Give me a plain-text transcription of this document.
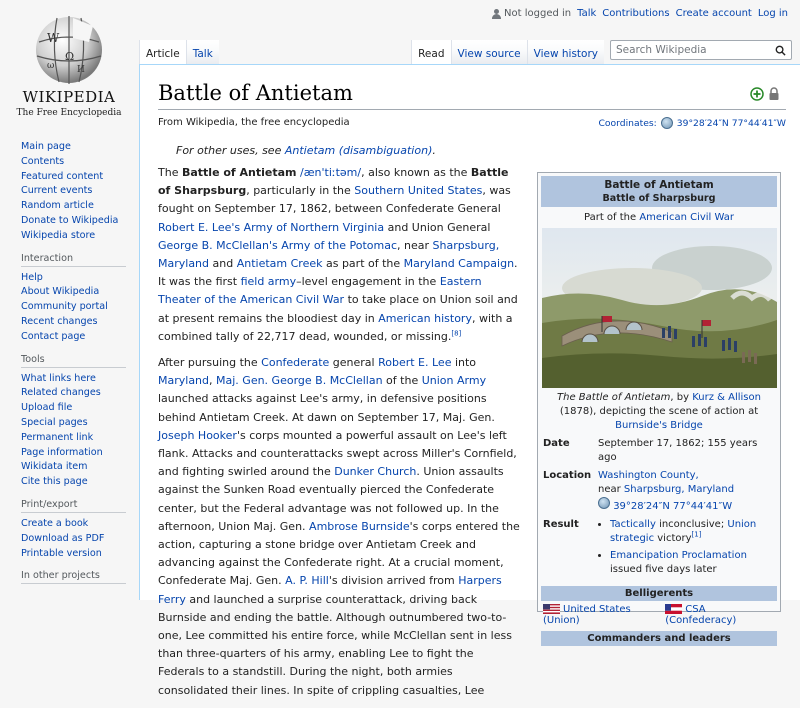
Not logged in Talk Contributions Create account Log in
W
Ω
И
ω
WIKIPEDIA
The Free Encyclopedia
Main page
Contents
Featured content
Current events
Random article
Donate to Wikipedia
Wikipedia store
Interaction
Help
About Wikipedia
Community portal
Recent changes
Contact page
Tools
What links here
Related changes
Upload file
Special pages
Permanent link
Page information
Wikidata item
Cite this page
Print/export
Create a book
Download as PDF
Printable version
In other projects
Article	Talk	Read	View source	View history
Search Wikipedia
Battle of Antietam
From Wikipedia, the free encyclopedia	Coordinates: 39°28′24″N 77°44′41″W
For other uses, see Antietam (disambiguation).

The Battle of Antietam /æn'tiːtəm/, also known as the Battle of Sharpsburg, particularly in the Southern United States, was fought on September 17, 1862, between Confederate General Robert E. Lee's Army of Northern Virginia and Union General George B. McClellan's Army of the Potomac, near Sharpsburg, Maryland and Antietam Creek as part of the Maryland Campaign. It was the first field army–level engagement in the Eastern Theater of the American Civil War to take place on Union soil and at present remains the bloodiest day in American history, with a combined tally of 22,717 dead, wounded, or missing.[8]

After pursuing the Confederate general Robert E. Lee into Maryland, Maj. Gen. George B. McClellan of the Union Army launched attacks against Lee's army, in defensive positions behind Antietam Creek. At dawn on September 17, Maj. Gen. Joseph Hooker's corps mounted a powerful assault on Lee's left flank. Attacks and counterattacks swept across Miller's Cornfield, and fighting swirled around the Dunker Church. Union assaults against the Sunken Road eventually pierced the Confederate center, but the Federal advantage was not followed up. In the afternoon, Union Maj. Gen. Ambrose Burnside's corps entered the action, capturing a stone bridge over Antietam Creek and advancing against the Confederate right. At a crucial moment, Confederate Maj. Gen. A. P. Hill's division arrived from Harpers Ferry and launched a surprise counterattack, driving back Burnside and ending the battle. Although outnumbered two-to-one, Lee committed his entire force, while McClellan sent in less than three-quarters of his army, enabling Lee to fight the Federals to a standstill. During the night, both armies consolidated their lines. In spite of crippling casualties, Lee

Battle of Antietam
Battle of Sharpsburg
Part of the American Civil War
The Battle of Antietam, by Kurz & Allison (1878), depicting the scene of action at Burnside's Bridge
Date	September 17, 1862; 155 years ago
Location Washington County,
near Sharpsburg, Maryland
39°28′24″N 77°44′41″W
Result
•	Tactically inconclusive; Union strategic victory[1]
• Emancipation Proclamation issued five days later
Belligerents
United States (Union)
CSA (Confederacy)
Commanders and leaders
